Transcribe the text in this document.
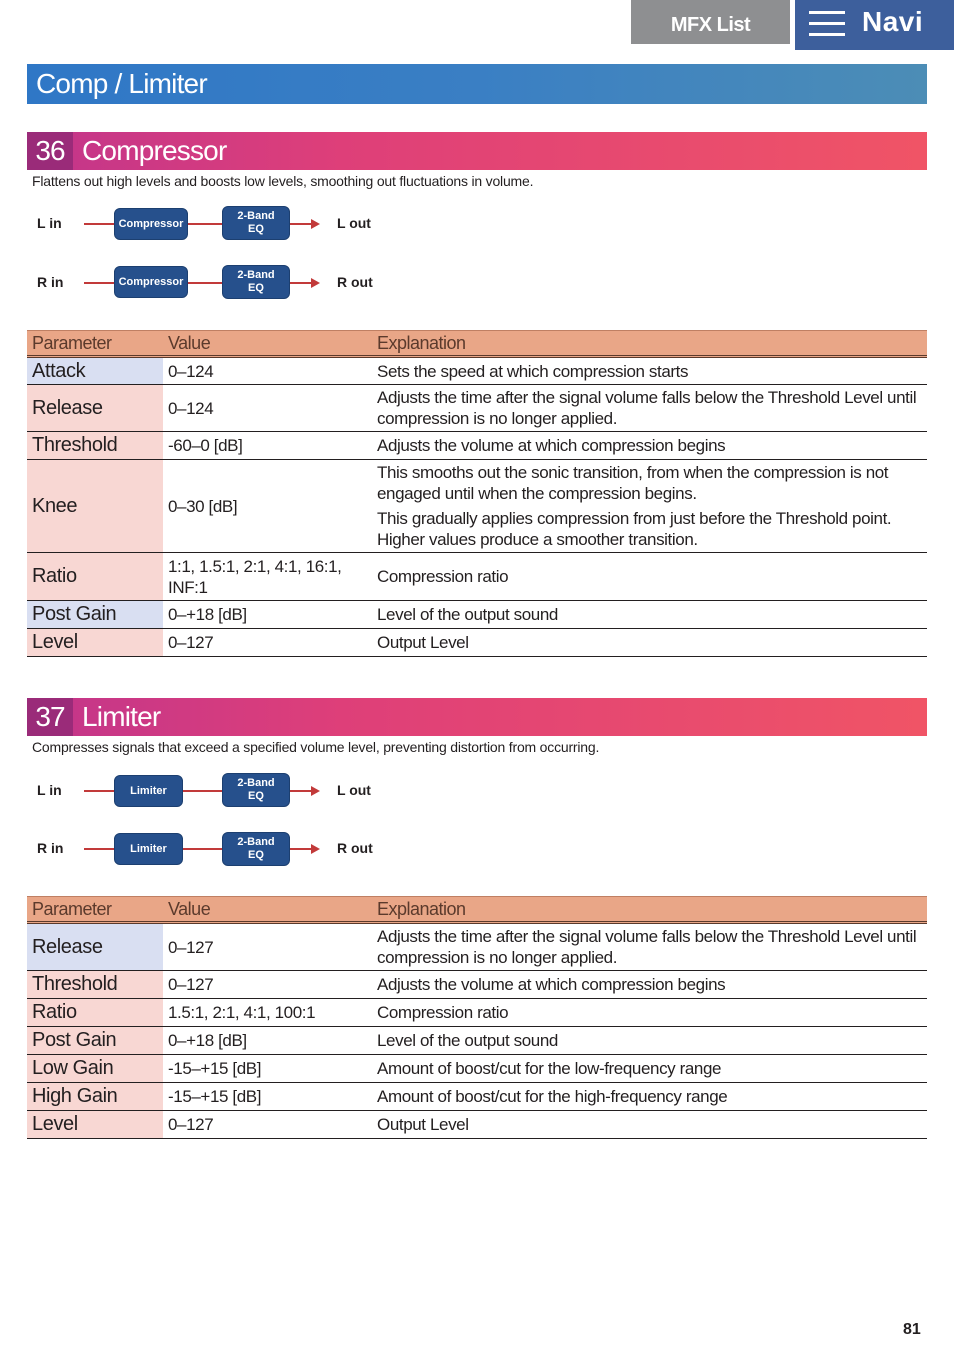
MFX List	Navi
Comp / Limiter
36 Compressor
Flattens out high levels and boosts low levels, smoothing out fluctuations in volume.
L in	Compressor
2-Band
EQ	L out
R in	Compressor
2-Band
EQ	R out
Parameter	Value	Explanation
Attack	0–124	Sets the speed at which compression starts

Release	0–124	Adjusts the time after the signal volume falls below the Threshold Level until compression is no longer applied.

Threshold	-60–0 [dB]	Adjusts the volume at which compression begins

Knee	0–30 [dB]	This smooths out the sonic transition, from when the compression is not engaged until when the compression begins.

This gradually applies compression from just before the Threshold point. Higher values produce a smoother transition.

Ratio	1:1, 1.5:1, 2:1, 4:1, 16:1, INF:1	Compression ratio

Post Gain	0–+18 [dB]	Level of the output sound

Level	0–127	Output Level

37 Limiter
Compresses signals that exceed a specified volume level, preventing distortion from occurring.
L in	Limiter
2-Band
EQ	L out
R in	Limiter
2-Band
EQ	R out
Parameter	Value	Explanation
Release	0–127	Adjusts the time after the signal volume falls below the Threshold Level until compression is no longer applied.

Threshold	0–127	Adjusts the volume at which compression begins

Ratio	1.5:1, 2:1, 4:1, 100:1	Compression ratio

Post Gain	0–+18 [dB]	Level of the output sound

Low Gain	-15–+15 [dB]	Amount of boost/cut for the low-frequency range

High Gain	-15–+15 [dB]	Amount of boost/cut for the high-frequency range

Level	0–127	Output Level

81
